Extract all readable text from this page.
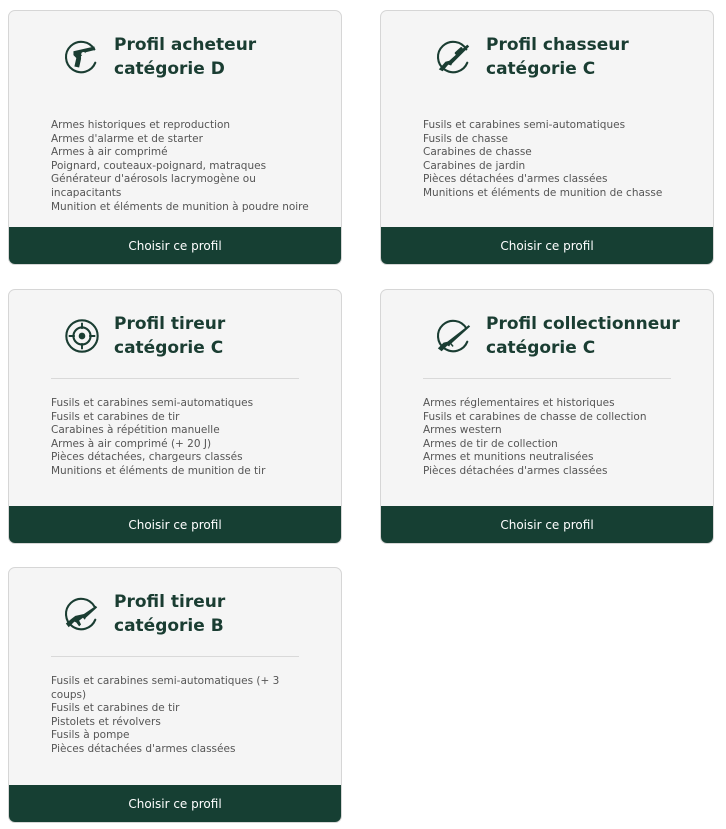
Profil acheteur
catégorie D
Armes historiques et reproduction
Armes d'alarme et de starter
Armes à air comprimé
Poignard, couteaux-poignard, matraques
Générateur d'aérosols lacrymogène ou
incapacitants
Munition et éléments de munition à poudre noire
Choisir ce profil
Profil chasseur
catégorie C
Fusils et carabines semi-automatiques
Fusils de chasse
Carabines de chasse
Carabines de jardin
Pièces détachées d'armes classées
Munitions et éléments de munition de chasse
Choisir ce profil
Profil tireur
catégorie C
Fusils et carabines semi-automatiques
Fusils et carabines de tir
Carabines à répétition manuelle
Armes à air comprimé (+ 20 J)
Pièces détachées, chargeurs classés
Munitions et éléments de munition de tir
Choisir ce profil
Profil collectionneur
catégorie C
Armes réglementaires et historiques
Fusils et carabines de chasse de collection
Armes western
Armes de tir de collection
Armes et munitions neutralisées
Pièces détachées d'armes classées
Choisir ce profil
Profil tireur
catégorie B
Fusils et carabines semi-automatiques (+ 3 coups)
Fusils et carabines de tir
Pistolets et révolvers
Fusils à pompe
Pièces détachées d'armes classées
Choisir ce profil
